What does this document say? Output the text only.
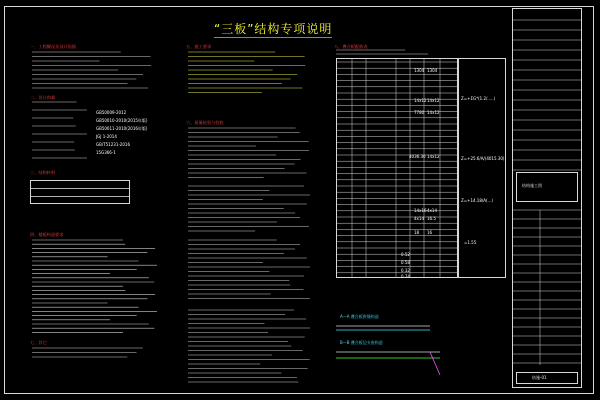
“三板”结构专项说明
一、工程概况及设计依据
二、设计荷载
三、结构材料
四、楼板构造要求
七、其它
五、施工要求
六、质量检验与验收
八、叠合板配筋表
GB50009-2012
GB50010-2010(2015年版)
GB50011-2010(2016年版)
JGJ 1-2014
GB/T51231-2016
15G366-1
1304 1304
14x12 14x12
7780 14x12
4036.30 14x12
14x16 4x14
18 16
4x14 16.5
0.52
0.58
0.32
0.74
Z=+ΣG*(1.2/.....)
Z=+25.6/A/(4015.30)
Z=+14.18/A(...)
=1.55
A—A 叠合板拼缝构造
B—B 叠合板边支座构造
结构施工图
结施-01
